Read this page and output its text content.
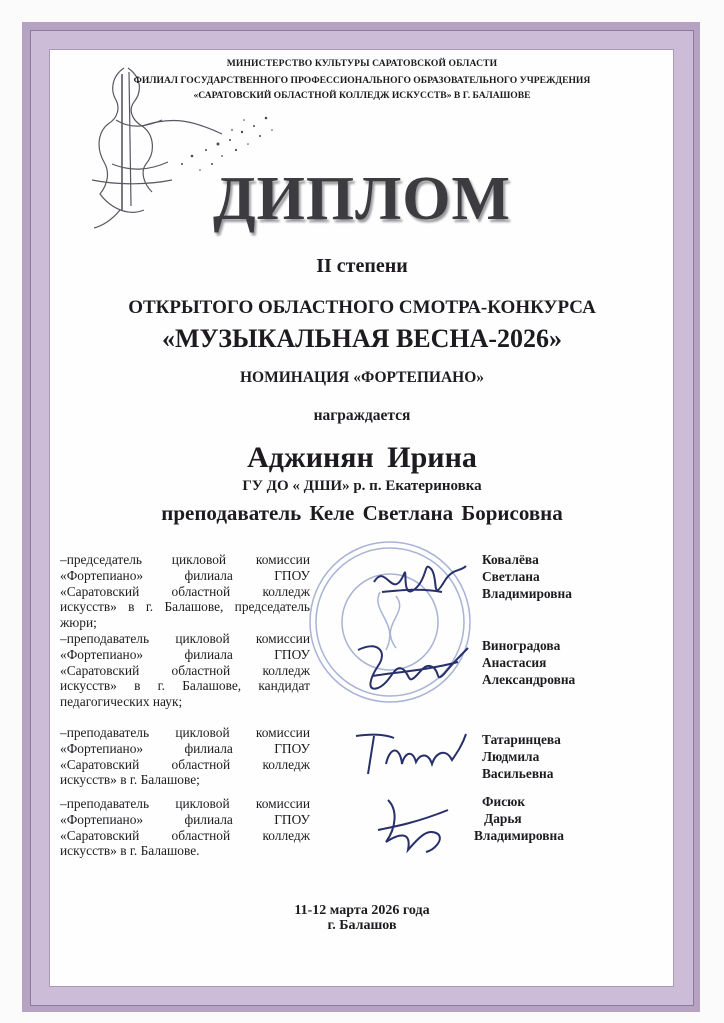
МИНИСТЕРСТВО КУЛЬТУРЫ САРАТОВСКОЙ ОБЛАСТИ
ФИЛИАЛ ГОСУДАРСТВЕННОГО ПРОФЕССИОНАЛЬНОГО ОБРАЗОВАТЕЛЬНОГО УЧРЕЖДЕНИЯ
«САРАТОВСКИЙ ОБЛАСТНОЙ КОЛЛЕДЖ ИСКУССТВ» В Г. БАЛАШОВЕ
ДИПЛОМ
II степени
ОТКРЫТОГО ОБЛАСТНОГО СМОТРА-КОНКУРСА
«МУЗЫКАЛЬНАЯ ВЕСНА-2026»
НОМИНАЦИЯ «ФОРТЕПИАНО»
награждается
Аджинян Ирина
ГУ ДО « ДШИ» р. п. Екатериновка
преподаватель Келе Светлана Борисовна
–председатель цикловой комиссии «Фортепиано» филиала ГПОУ «Саратовский областной колледж искусств» в г. Балашове, председатель жюри;
Ковалёва
Светлана
Владимировна
–преподаватель цикловой комиссии «Фортепиано» филиала ГПОУ «Саратовский областной колледж искусств» в г. Балашове, кандидат педагогических наук;
Виноградова
Анастасия
Александровна
–преподаватель цикловой комиссии «Фортепиано» филиала ГПОУ «Саратовский областной колледж искусств» в г. Балашове;
Татаринцева
Людмила
Васильевна
–преподаватель цикловой комиссии «Фортепиано» филиала ГПОУ «Саратовский областной колледж искусств» в г. Балашове.
Фисюк
Дарья
Владимировна
11-12 марта 2026 года
г. Балашов
